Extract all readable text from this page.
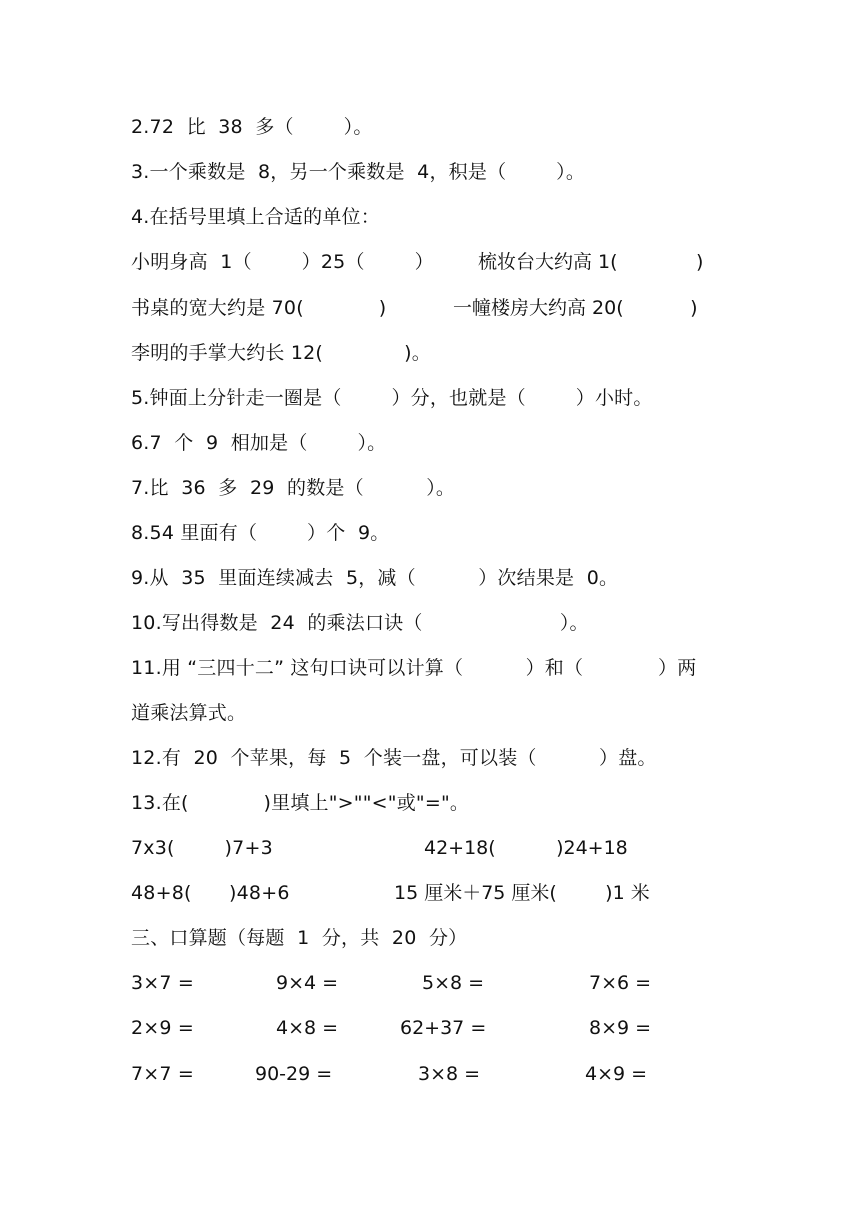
2.72  比  38  多（        ）。
3.一个乘数是  8，另一个乘数是  4，积是（        ）。
4.在括号里填上合适的单位：
小明身高  1（        ）25（        ） 梳妆台大约高 1(             )
书桌的宽大约是 70(            )	一幢楼房大约高 20(           )
李明的手掌大约长 12(             )。
5.钟面上分针走一圈是（        ）分，也就是（        ）小时。
6.7  个  9  相加是（        ）。
7.比  36  多  29  的数是（          ）。
8.54 里面有（        ）个  9。
9.从  35  里面连续减去  5，减（          ）次结果是  0。
10.写出得数是  24  的乘法口诀（                      ）。
11.用 “三四十二” 这句口诀可以计算（          ）和（            ）两
道乘法算式。
12.有  20  个苹果，每  5  个装一盘，可以装（          ）盘。
13.在(            )里填上">""<"或"="。
7x3(        )7+3	42+18(          )24+18
48+8(      )48+6	15 厘米＋75 厘米(        )1 米
三、口算题（每题  1  分，共  20  分）
3×7 =	9×4 =	5×8 =	7×6 =
2×9 =	4×8 =	62+37 =	8×9 =
7×7 =	90-29 =	3×8 =	4×9 =
